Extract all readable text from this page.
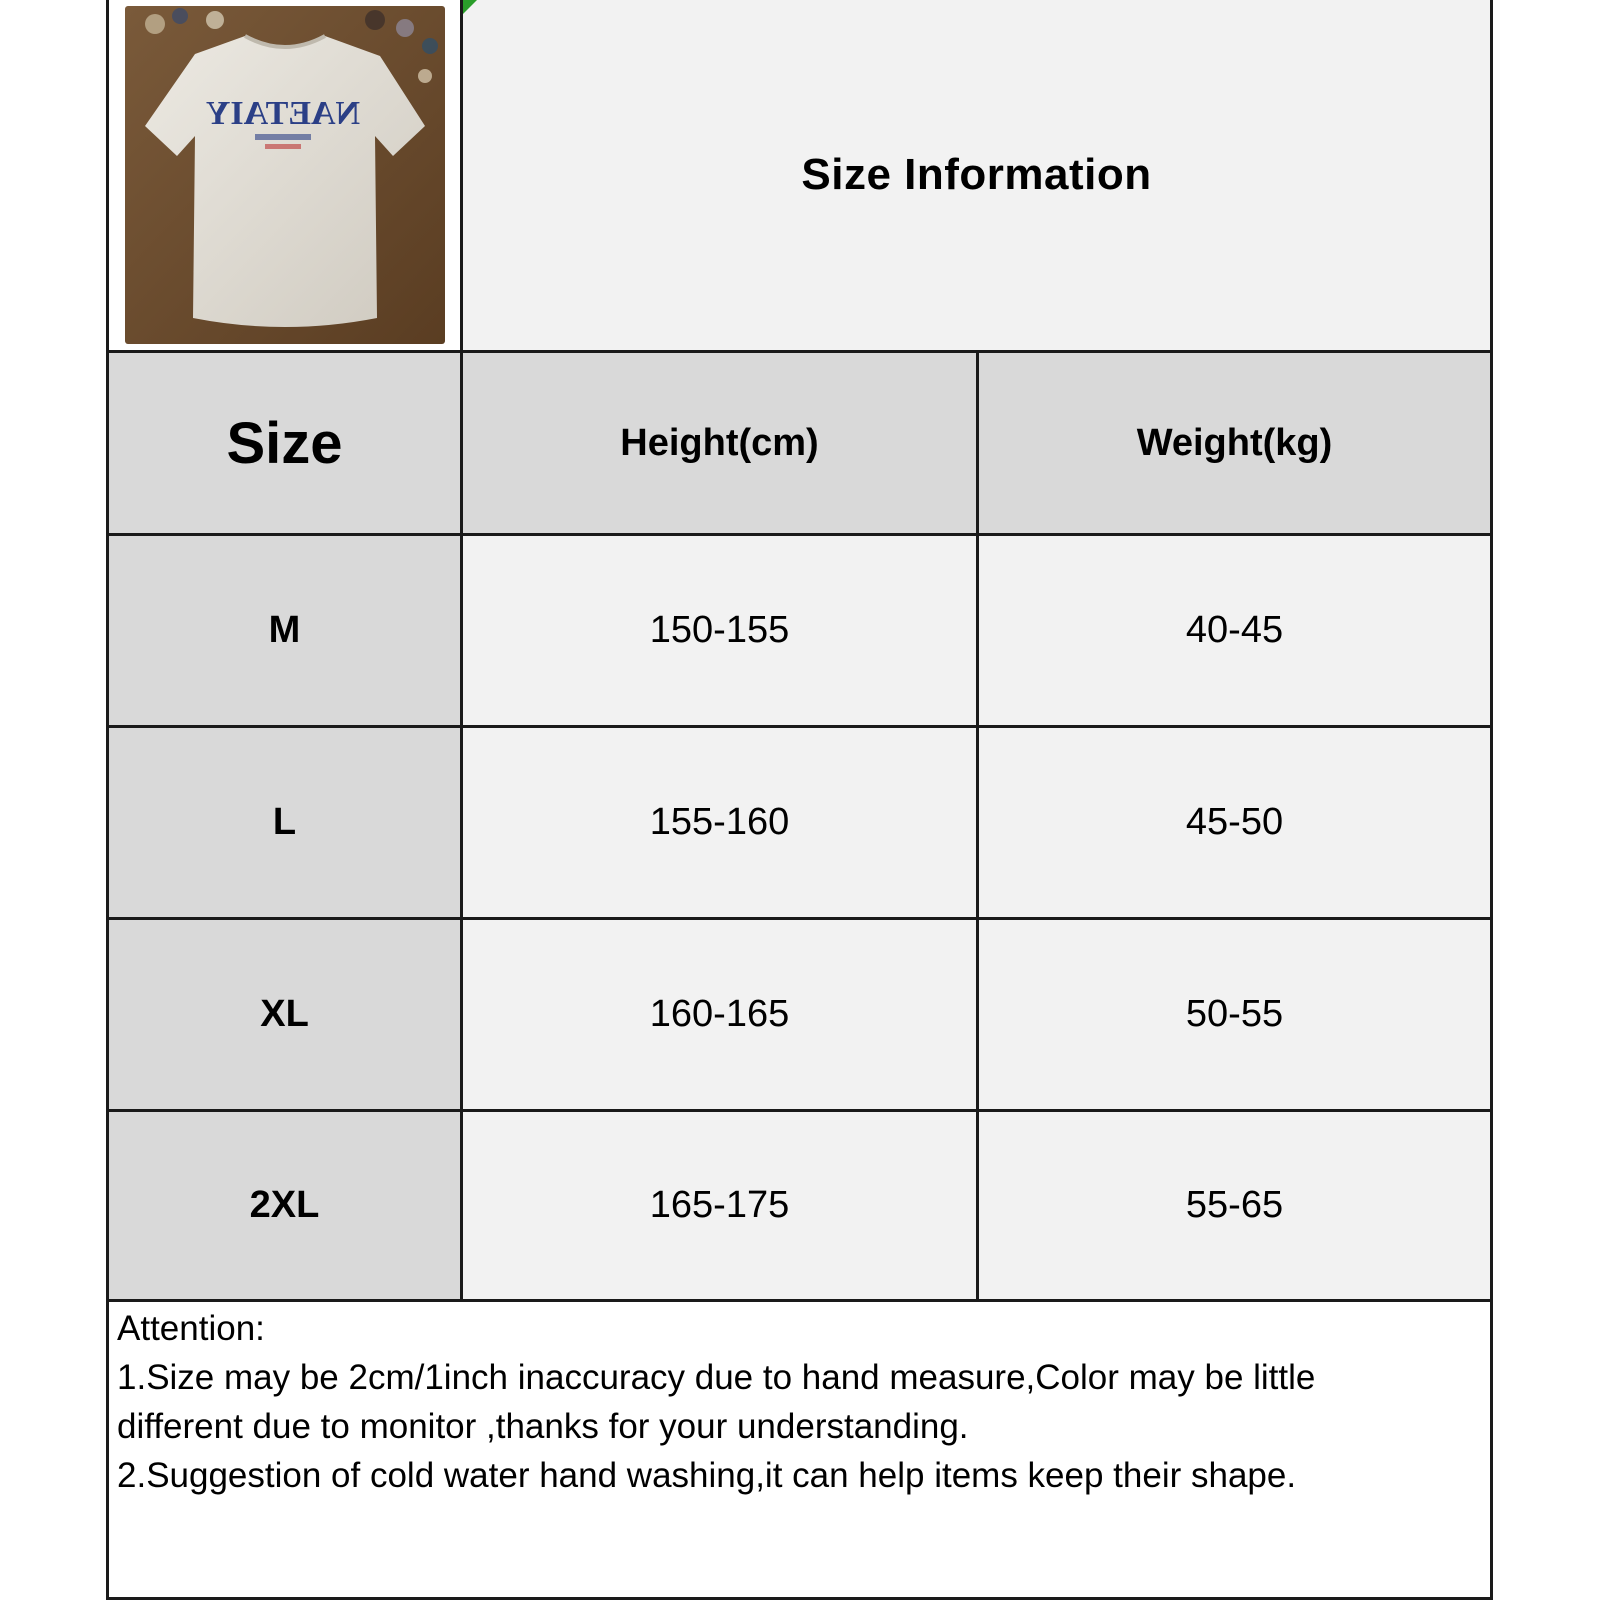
NAETAIY
Size Information
Size	Height(cm)	Weight(kg)
M	150-155	40-45
L	155-160	45-50
XL	160-165	50-55
2XL	165-175	55-65
Attention:
1.Size may be 2cm/1inch inaccuracy due to hand measure,Color may be little
different due to monitor ,thanks for your understanding.
2.Suggestion of cold water hand washing,it can help items keep their shape.
